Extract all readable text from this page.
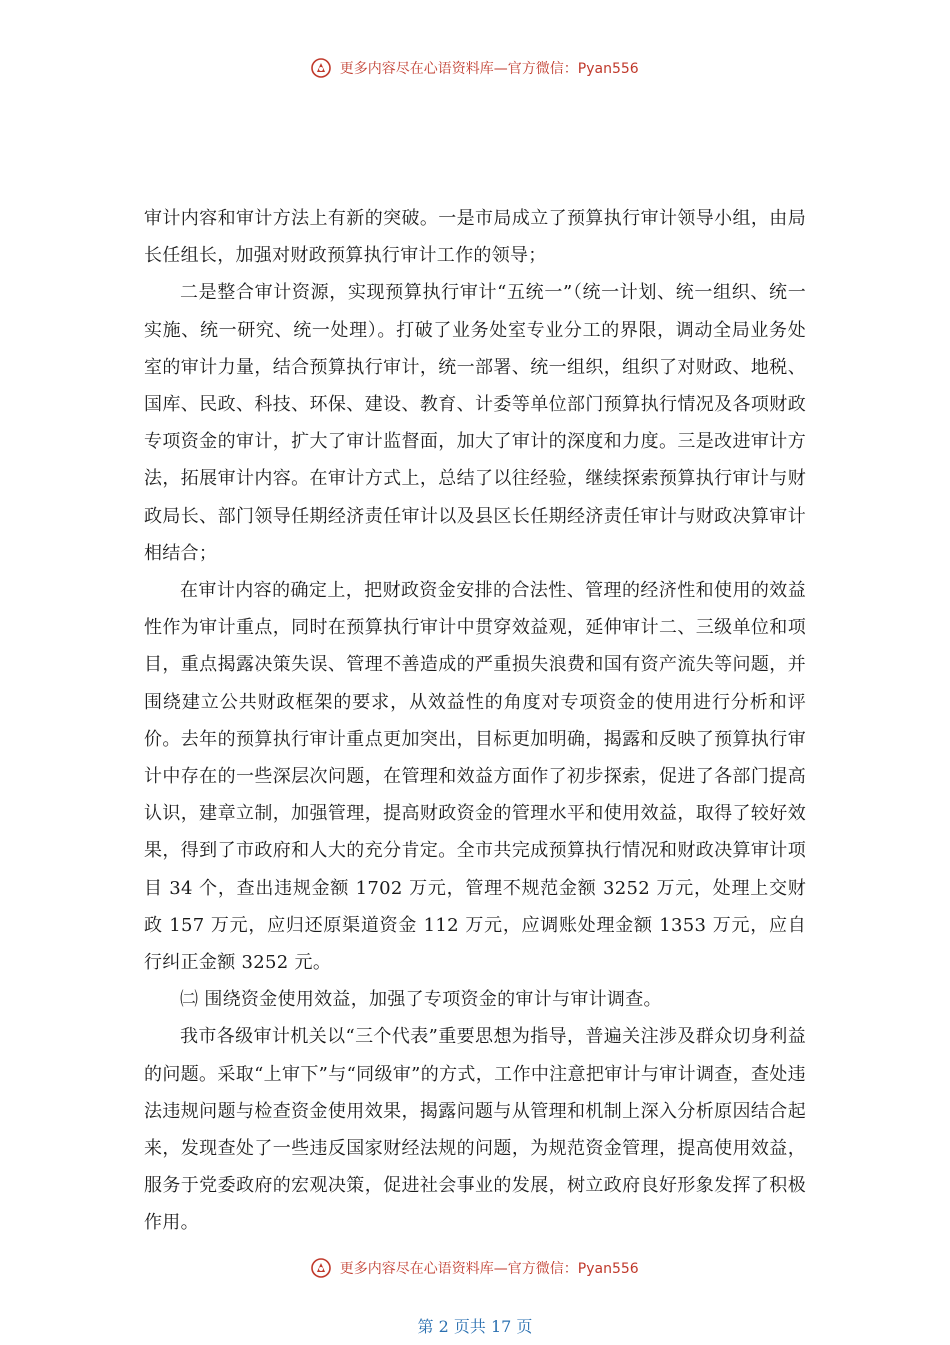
更多内容尽在心语资料库—官方微信：Pyan556

审计内容和审计方法上有新的突破。一是市局成立了预算执行审计领导小组，由局长任组长，加强对财政预算执行审计工作的领导；

二是整合审计资源，实现预算执行审计“五统一”（统一计划、统一组织、统一实施、统一研究、统一处理）。打破了业务处室专业分工的界限，调动全局业务处室的审计力量，结合预算执行审计，统一部署、统一组织，组织了对财政、地税、国库、民政、科技、环保、建设、教育、计委等单位部门预算执行情况及各项财政专项资金的审计，扩大了审计监督面，加大了审计的深度和力度。三是改进审计方法，拓展审计内容。在审计方式上，总结了以往经验，继续探索预算执行审计与财政局长、部门领导任期经济责任审计以及县区长任期经济责任审计与财政决算审计相结合；

在审计内容的确定上，把财政资金安排的合法性、管理的经济性和使用的效益性作为审计重点，同时在预算执行审计中贯穿效益观，延伸审计二、三级单位和项目，重点揭露决策失误、管理不善造成的严重损失浪费和国有资产流失等问题，并围绕建立公共财政框架的要求，从效益性的角度对专项资金的使用进行分析和评价。去年的预算执行审计重点更加突出，目标更加明确，揭露和反映了预算执行审计中存在的一些深层次问题，在管理和效益方面作了初步探索，促进了各部门提高认识，建章立制，加强管理，提高财政资金的管理水平和使用效益，取得了较好效果，得到了市政府和人大的充分肯定。全市共完成预算执行情况和财政决算审计项目 34 个，查出违规金额 1702 万元，管理不规范金额 3252 万元，处理上交财政 157 万元，应归还原渠道资金 112 万元，应调账处理金额 1353 万元，应自行纠正金额 3252 元。

㈡ 围绕资金使用效益，加强了专项资金的审计与审计调查。

我市各级审计机关以“三个代表”重要思想为指导，普遍关注涉及群众切身利益的问题。采取“上审下”与“同级审”的方式，工作中注意把审计与审计调查，查处违法违规问题与检查资金使用效果，揭露问题与从管理和机制上深入分析原因结合起来，发现查处了一些违反国家财经法规的问题，为规范资金管理，提高使用效益，服务于党委政府的宏观决策，促进社会事业的发展，树立政府良好形象发挥了积极作用。

更多内容尽在心语资料库—官方微信：Pyan556
第 2 页共 17 页
